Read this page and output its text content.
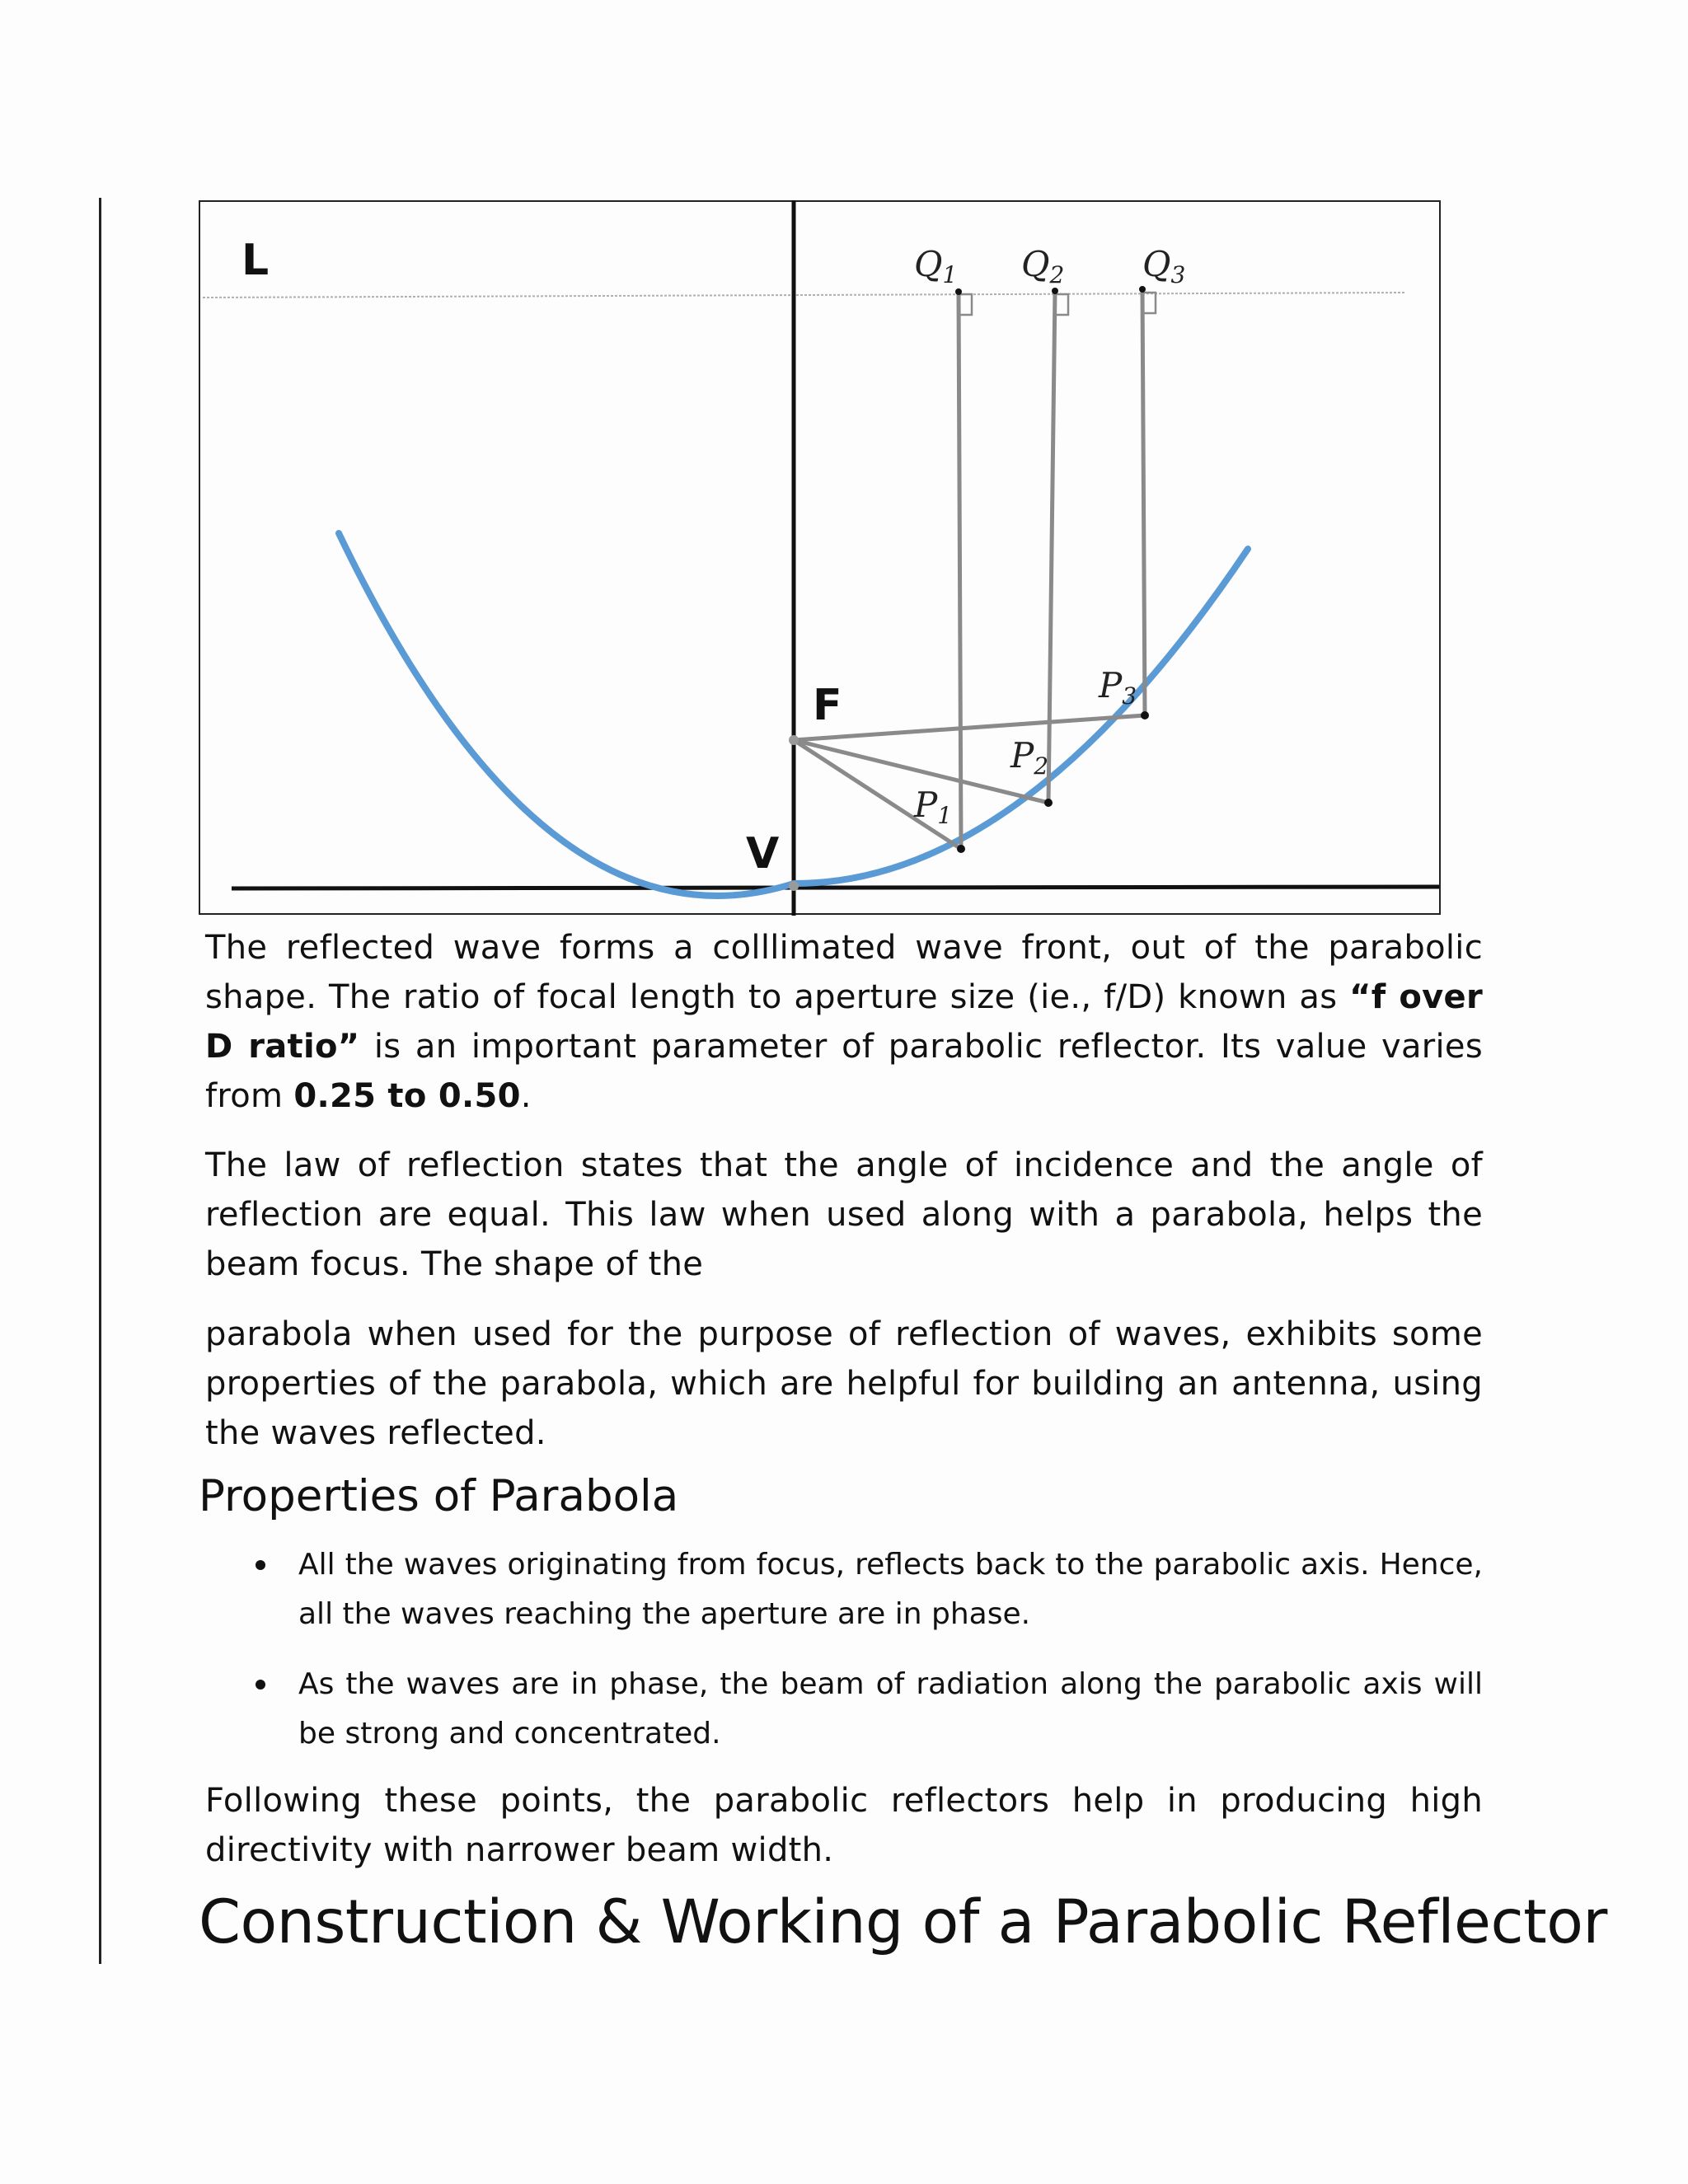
L
F
V
Q1 Q2 Q3
P1
P2
P3

The reflected wave forms a colllimated wave front, out of the parabolic shape. The ratio of focal length to aperture size (ie., f/D) known as “f over D ratio” is an important parameter of parabolic reflector. Its value varies from 0.25 to 0.50.

The law of reflection states that the angle of incidence and the angle of reflection are equal. This law when used along with a parabola, helps the beam focus. The shape of the

parabola when used for the purpose of reflection of waves, exhibits some properties of the parabola, which are helpful for building an antenna, using the waves reflected.

Properties of Parabola
All the waves originating from focus, reflects back to the parabolic axis. Hence, all the waves reaching the aperture are in phase.
As the waves are in phase, the beam of radiation along the parabolic axis will be strong and concentrated.

Following these points, the parabolic reflectors help in producing high directivity with narrower beam width.

Construction & Working of a Parabolic Reflector
